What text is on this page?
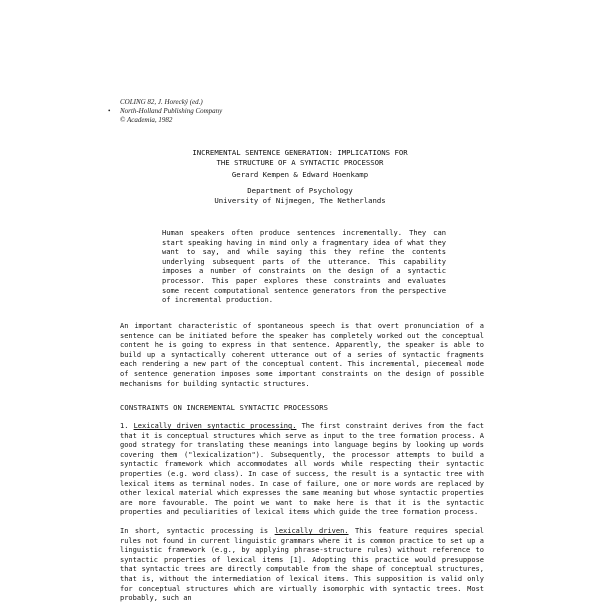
•
COLING 82, J. Horecký (ed.)
North-Holland Publishing Company
© Academia, 1982
INCREMENTAL SENTENCE GENERATION: IMPLICATIONS FOR
THE STRUCTURE OF A SYNTACTIC PROCESSOR
Gerard Kempen & Edward Hoenkamp
Department of Psychology
University of Nijmegen, The Netherlands

Human speakers often produce sentences incrementally. They can start speaking having in mind only a fragmentary idea of what they want to say, and while saying this they refine the contents underlying subsequent parts of the utterance. This capability imposes a number of constraints on the design of a syntactic processor. This paper explores these constraints and evaluates some recent computational sentence generators from the perspective of incremental production.

An important characteristic of spontaneous speech is that overt pronunciation of a sentence can be initiated before the speaker has completely worked out the conceptual content he is going to express in that sentence. Apparently, the speaker is able to build up a syntactically coherent utterance out of a series of syntactic fragments each rendering a new part of the conceptual content. This incremental, piecemeal mode of sentence generation imposes some important constraints on the design of possible mechanisms for building syntactic structures.

CONSTRAINTS ON INCREMENTAL SYNTACTIC PROCESSORS

1. Lexically driven syntactic processing. The first constraint derives from the fact that it is conceptual structures which serve as input to the tree formation process. A good strategy for translating these meanings into language begins by looking up words covering them ("lexicalization"). Subsequently, the processor attempts to build a syntactic framework which accommodates all words while respecting their syntactic properties (e.g. word class). In case of success, the result is a syntactic tree with lexical items as terminal nodes. In case of failure, one or more words are replaced by other lexical material which expresses the same meaning but whose syntactic properties are more favourable. The point we want to make here is that it is the syntactic properties and peculiarities of lexical items which guide the tree formation process.

In short, syntactic processing is lexically driven. This feature requires special rules not found in current linguistic grammars where it is common practice to set up a linguistic framework (e.g., by applying phrase-structure rules) without reference to syntactic properties of lexical items [1]. Adopting this practice would presuppose that syntactic trees are directly computable from the shape of conceptual structures, that is, without the intermediation of lexical items. This supposition is valid only for conceptual structures which are virtually isomorphic with syntactic trees. Most probably, such an
